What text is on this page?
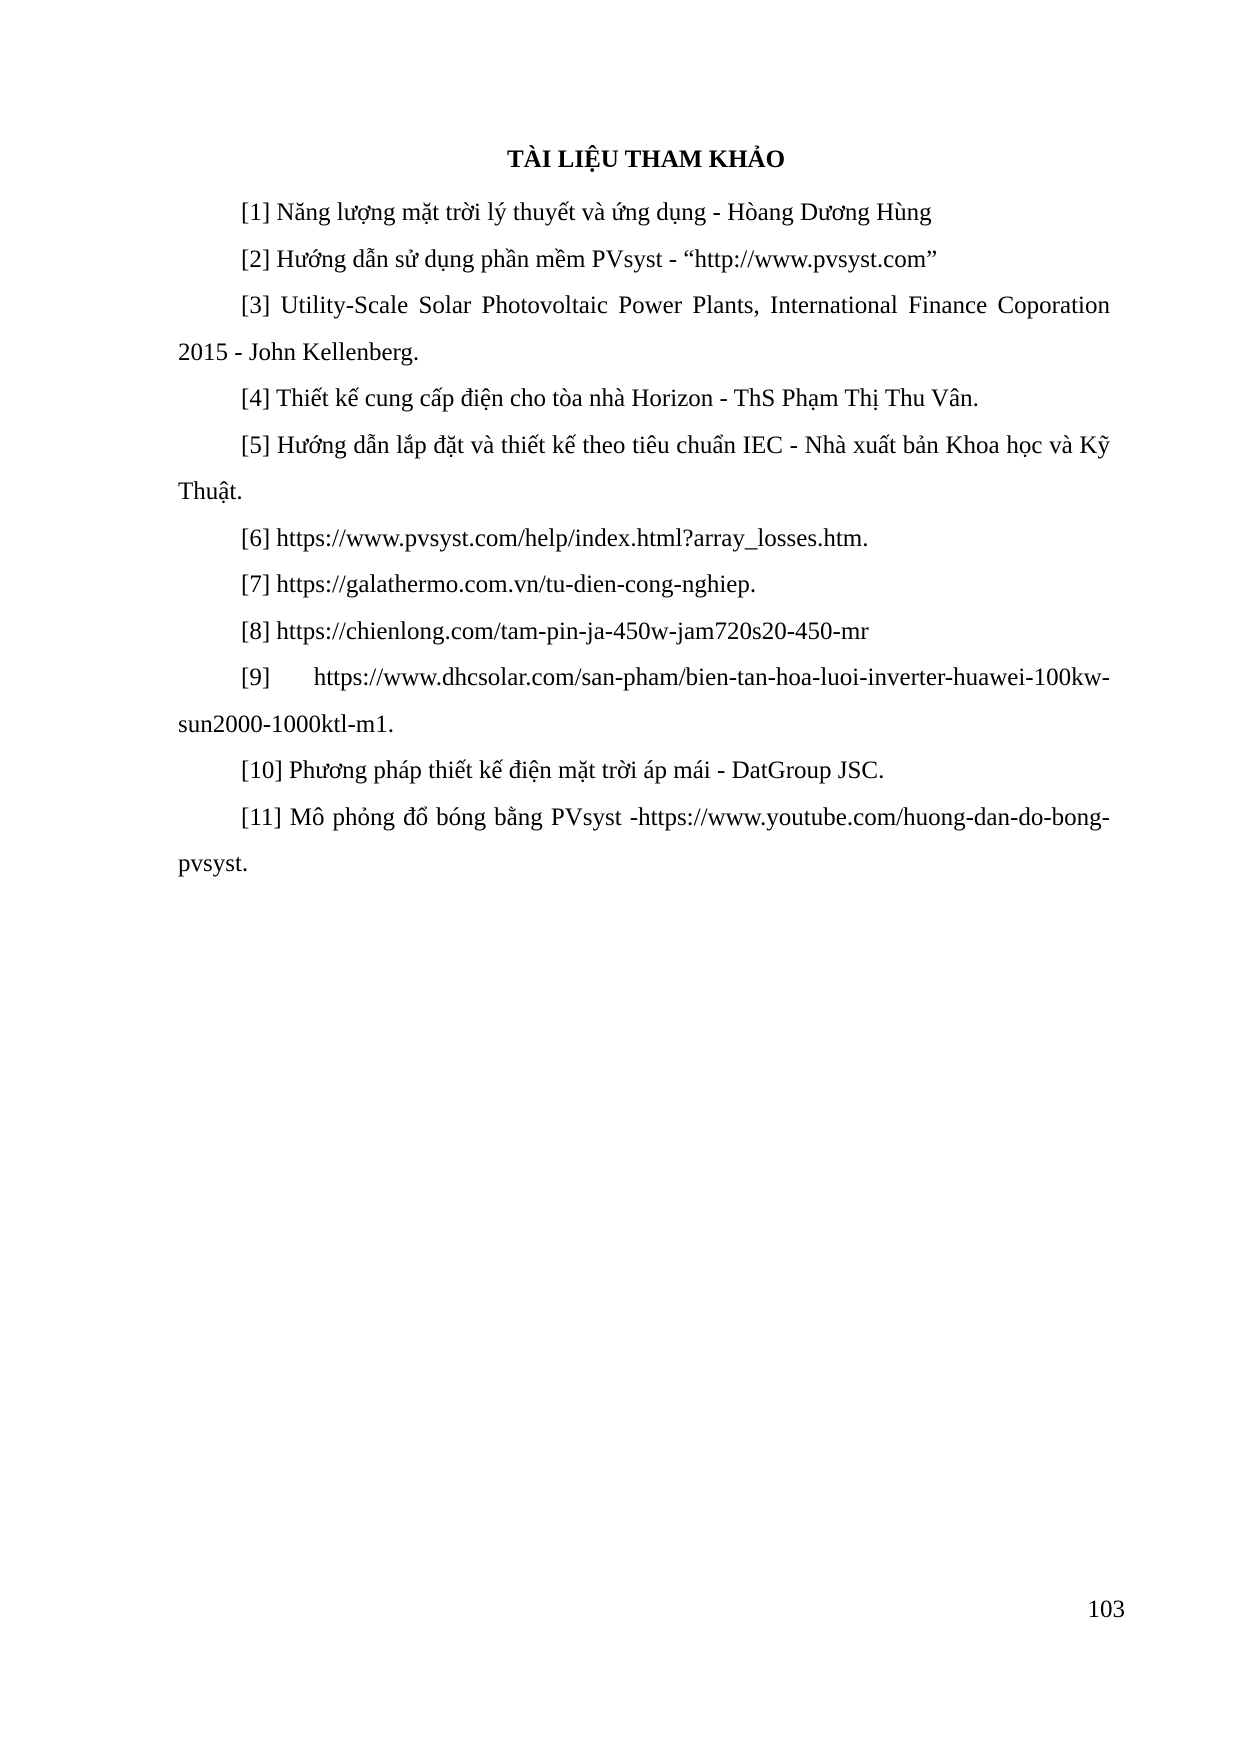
TÀI LIỆU THAM KHẢO
[1] Năng lượng mặt trời lý thuyết và ứng dụng - Hòang Dương Hùng
[2] Hướng dẫn sử dụng phần mềm PVsyst - “http://www.pvsyst.com”
[3] Utility-Scale Solar Photovoltaic Power Plants, International Finance Coporation 2015 - John Kellenberg.
[4] Thiết kế cung cấp điện cho tòa nhà Horizon - ThS Phạm Thị Thu Vân.
[5] Hướng dẫn lắp đặt và thiết kế theo tiêu chuẩn IEC - Nhà xuất bản Khoa học và Kỹ Thuật.
[6] https://www.pvsyst.com/help/index.html?array_losses.htm.
[7] https://galathermo.com.vn/tu-dien-cong-nghiep.
[8] https://chienlong.com/tam-pin-ja-450w-jam720s20-450-mr
[9] https://www.dhcsolar.com/san-pham/bien-tan-hoa-luoi-inverter-huawei-100kw-sun2000-1000ktl-m1.
[10] Phương pháp thiết kế điện mặt trời áp mái - DatGroup JSC.
[11] Mô phỏng đổ bóng bằng PVsyst -https://www.youtube.com/huong-dan-do-bong-pvsyst.
103
